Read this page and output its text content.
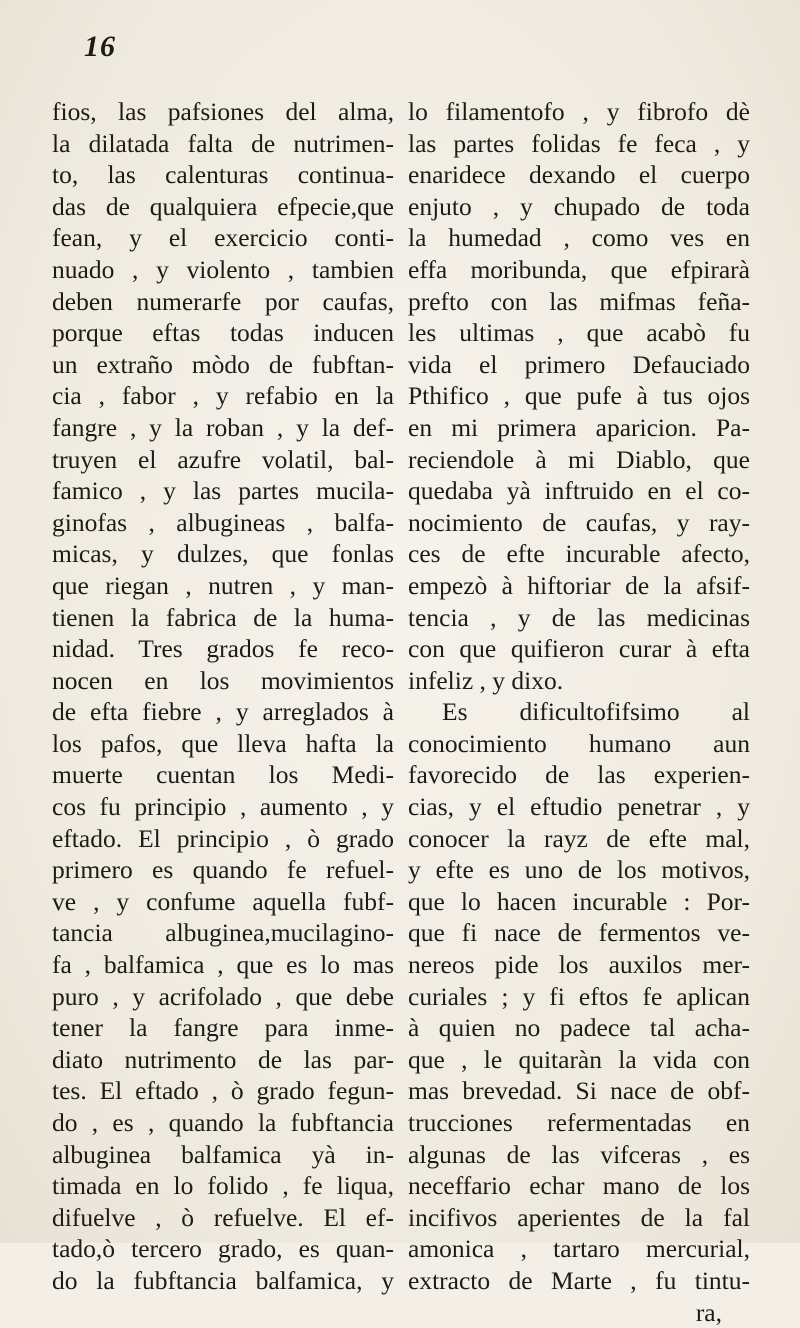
16
fios, las pafsiones del alma,
la dilatada falta de nutrimen-
to, las calenturas continua-
das de qualquiera efpecie,que
fean, y el exercicio conti-
nuado , y violento , tambien
deben numerarfe por caufas,
porque eftas todas inducen
un extraño mòdo de fubftan-
cia , fabor , y refabio en la
fangre , y la roban , y la def-
truyen el azufre volatil, bal-
famico , y las partes mucila-
ginofas , albugineas , balfa-
micas, y dulzes, que fonlas
que riegan , nutren , y man-
tienen la fabrica de la huma-
nidad. Tres grados fe reco-
nocen en los movimientos
de efta fiebre , y arreglados à
los pafos, que lleva hafta la
muerte cuentan los Medi-
cos fu principio , aumento , y
eftado. El principio , ò grado
primero es quando fe refuel-
ve , y confume aquella fubf-
tancia albuginea,mucilagino-
fa , balfamica , que es lo mas
puro , y acrifolado , que debe
tener la fangre para inme-
diato nutrimento de las par-
tes. El eftado , ò grado fegun-
do , es , quando la fubftancia
albuginea balfamica yà in-
timada en lo folido , fe liqua,
difuelve , ò refuelve. El ef-
tado,ò tercero grado, es quan-
do la fubftancia balfamica, y
lo filamentofo , y fibrofo dè
las partes folidas fe feca , y
enaridece dexando el cuerpo
enjuto , y chupado de toda
la humedad , como ves en
effa moribunda, que efpirarà
prefto con las mifmas feña-
les ultimas , que acabò fu
vida el primero Defauciado
Pthifico , que pufe à tus ojos
en mi primera aparicion. Pa-
reciendole à mi Diablo, que
quedaba yà inftruido en el co-
nocimiento de caufas, y ray-
ces de efte incurable afecto,
empezò à hiftoriar de la afsif-
tencia , y de las medicinas
con que quifieron curar à efta
infeliz , y dixo.
Es dificultofifsimo al
conocimiento humano aun
favorecido de las experien-
cias, y el eftudio penetrar , y
conocer la rayz de efte mal,
y efte es uno de los motivos,
que lo hacen incurable : Por-
que fi nace de fermentos ve-
nereos pide los auxilos mer-
curiales ; y fi eftos fe aplican
à quien no padece tal acha-
que , le quitaràn la vida con
mas brevedad. Si nace de obf-
trucciones refermentadas en
algunas de las vifceras , es
neceffario echar mano de los
incifivos aperientes de la fal
amonica , tartaro mercurial,
extracto de Marte , fu tintu-
ra,
